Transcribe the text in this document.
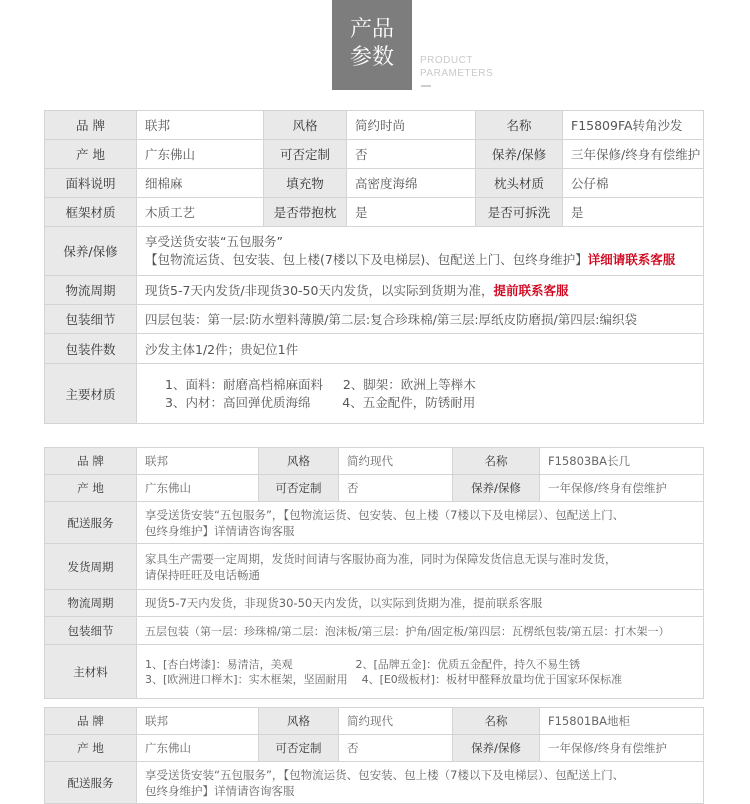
产品
参数	PRODUCT
PARAMETERS
品 牌	联邦	风格	简约时尚	名称	F15809FA转角沙发
产 地	广东佛山	可否定制	否	保养/保修	三年保修/终身有偿维护
面料说明	细棉麻	填充物	高密度海绵	枕头材质	公仔棉
框架材质	木质工艺	是否带抱枕	是	是否可拆洗	是
保养/保修	享受送货安装“五包服务”
【包物流运货、包安装、包上楼(7楼以下及电梯层)、包配送上门、包终身维护】详细请联系客服				

物流周期	现货5-7天内发货/非现货30-50天内发货，以实际到货期为准，提前联系客服				
包装细节	四层包装：第一层:防水塑料薄膜/第二层:复合珍珠棉/第三层:厚纸皮防磨损/第四层:编织袋				
包装件数	沙发主体1/2件；贵妃位1件				
主要材质	1、面料：耐磨高档棉麻面料     2、脚架：欧洲上等榉木
3、内材：高回弹优质海绵        4、五金配件，防锈耐用				
品 牌	联邦	风格	简约现代	名称	F15803BA长几
产 地	广东佛山	可否定制	否	保养/保修	一年保修/终身有偿维护
配送服务	享受送货安装“五包服务”，【包物流运货、包安装、包上楼（7楼以下及电梯层）、包配送上门、
包终身维护】详情请咨询客服				

发货周期	家具生产需要一定周期，发货时间请与客服协商为准，同时为保障发货信息无误与准时发货，
请保持旺旺及电话畅通				

物流周期	现货5-7天内发货，非现货30-50天内发货，以实际到货期为准，提前联系客服				
包装细节	五层包装（第一层：珍珠棉/第二层：泡沫板/第三层：护角/固定板/第四层：瓦楞纸包装/第五层：打木架一）				
主材料	1、[杏白烤漆]：易清洁，美观                  2、[品牌五金]：优质五金配件，持久不易生锈
3、[欧洲进口榉木]：实木框架，坚固耐用    4、[E0级板材]：板材甲醛释放量均优于国家环保标准				
品 牌	联邦	风格	简约现代	名称	F15801BA地柜
产 地	广东佛山	可否定制	否	保养/保修	一年保修/终身有偿维护
配送服务	享受送货安装“五包服务”，【包物流运货、包安装、包上楼（7楼以下及电梯层）、包配送上门、
包终身维护】详情请咨询客服				
